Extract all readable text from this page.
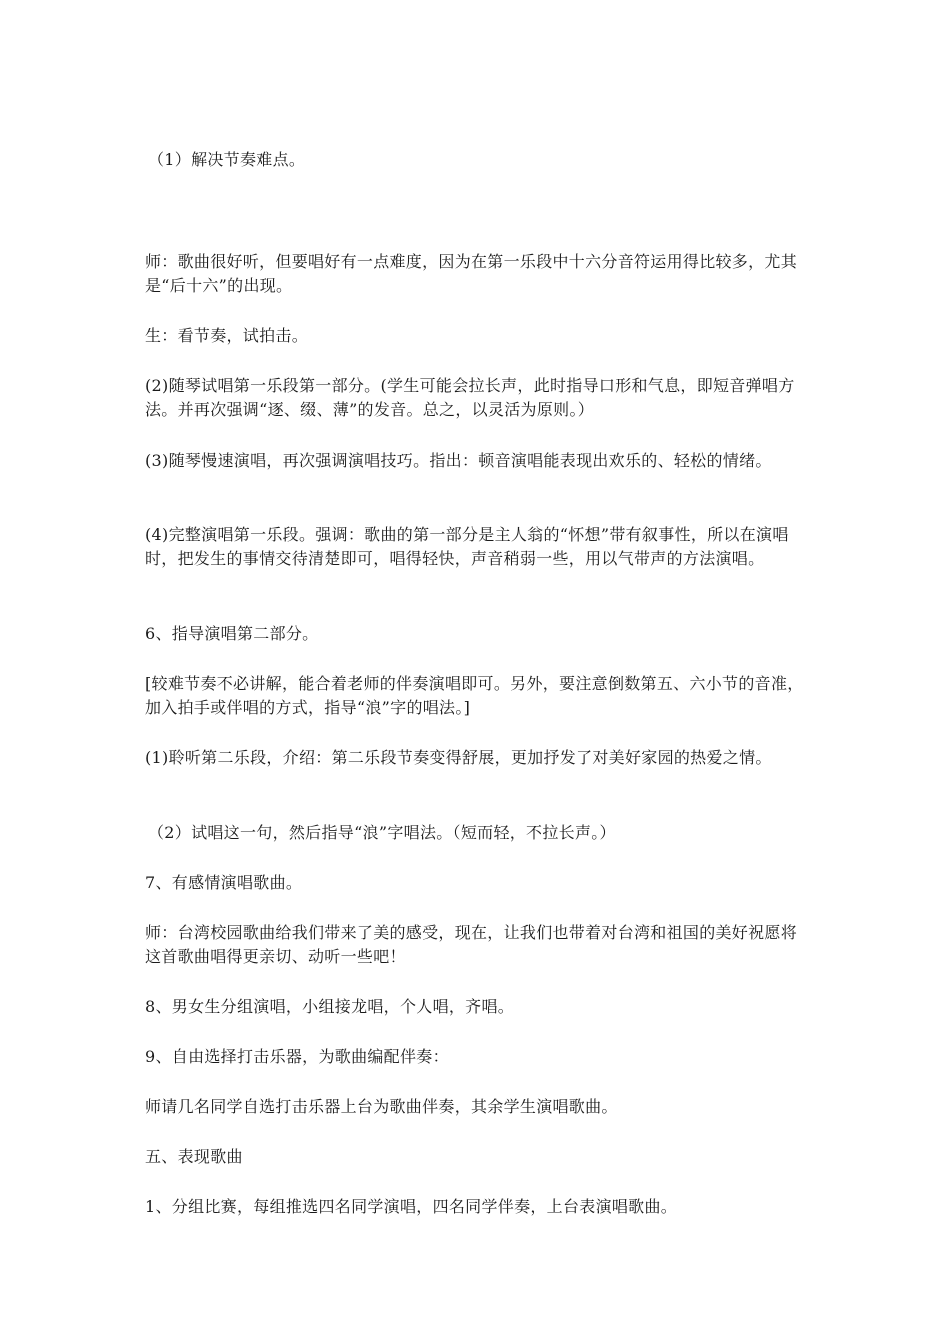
（1）解决节奏难点。

师：歌曲很好听，但要唱好有一点难度，因为在第一乐段中十六分音符运用得比较多，尤其是“后十六”的出现。

生：看节奏，试拍击。

(2)随琴试唱第一乐段第一部分。(学生可能会拉长声，此时指导口形和气息，即短音弹唱方法。并再次强调“逐、缀、薄”的发音。总之，以灵活为原则。）

(3)随琴慢速演唱，再次强调演唱技巧。指出：顿音演唱能表现出欢乐的、轻松的情绪。

(4)完整演唱第一乐段。强调：歌曲的第一部分是主人翁的“怀想”带有叙事性，所以在演唱时，把发生的事情交待清楚即可，唱得轻快，声音稍弱一些，用以气带声的方法演唱。

6、指导演唱第二部分。

[较难节奏不必讲解，能合着老师的伴奏演唱即可。另外，要注意倒数第五、六小节的音准，加入拍手或伴唱的方式，指导“浪”字的唱法。]

(1)聆听第二乐段，介绍：第二乐段节奏变得舒展，更加抒发了对美好家园的热爱之情。

（2）试唱这一句，然后指导“浪”字唱法。（短而轻，不拉长声。）

7、有感情演唱歌曲。

师：台湾校园歌曲给我们带来了美的感受，现在，让我们也带着对台湾和祖国的美好祝愿将这首歌曲唱得更亲切、动听一些吧！

8、男女生分组演唱，小组接龙唱，个人唱，齐唱。

9、自由选择打击乐器，为歌曲编配伴奏：

师请几名同学自选打击乐器上台为歌曲伴奏，其余学生演唱歌曲。

五、表现歌曲

1、分组比赛，每组推选四名同学演唱，四名同学伴奏，上台表演唱歌曲。
